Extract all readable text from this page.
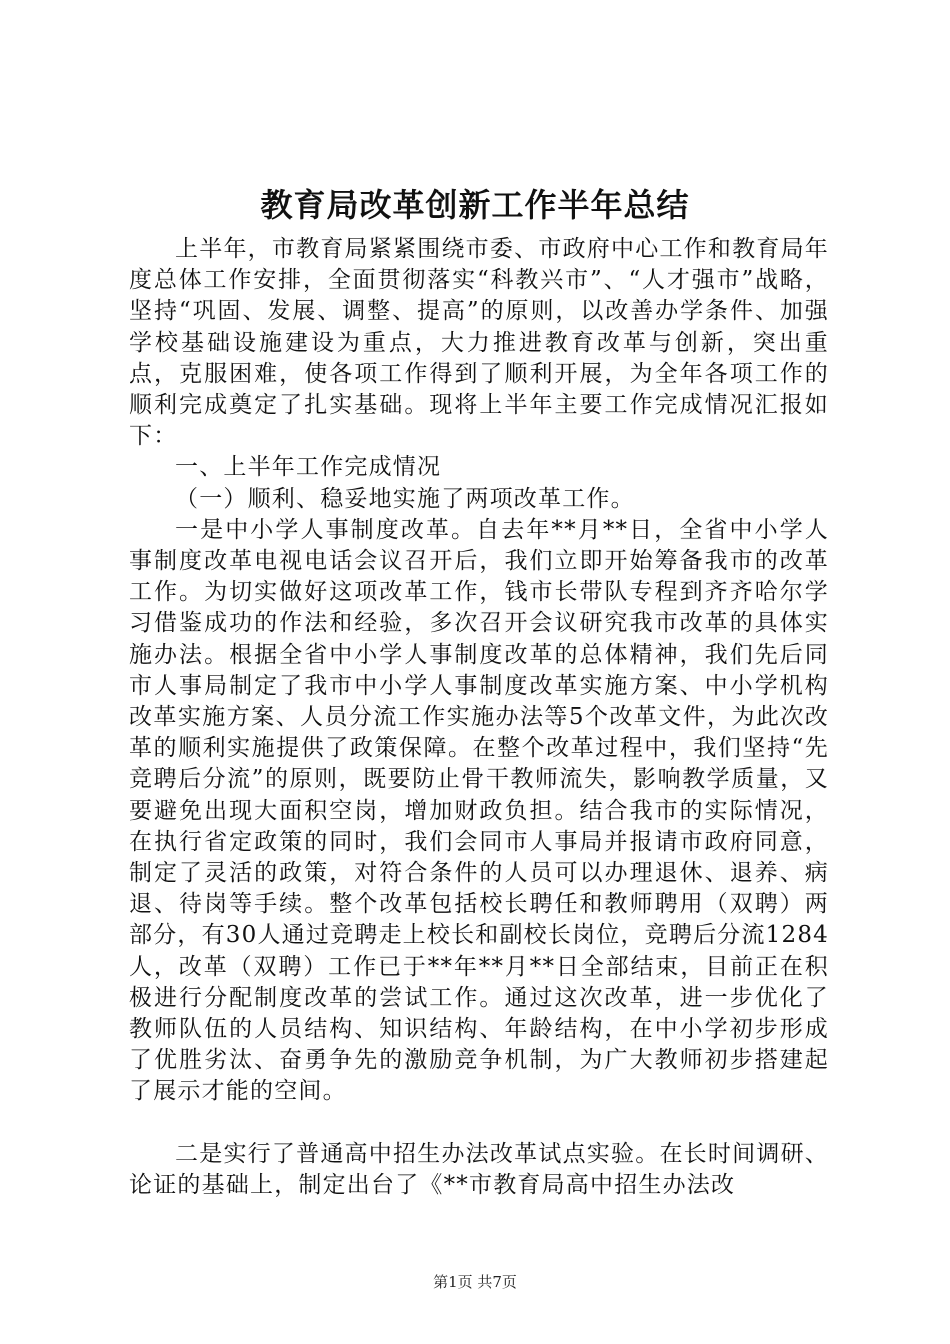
教育局改革创新工作半年总结

上半年，市教育局紧紧围绕市委、市政府中心工作和教育局年度总体工作安排，全面贯彻落实“科教兴市”、“人才强市”战略，坚持“巩固、发展、调整、提高”的原则，以改善办学条件、加强学校基础设施建设为重点，大力推进教育改革与创新，突出重点，克服困难，使各项工作得到了顺利开展，为全年各项工作的顺利完成奠定了扎实基础。现将上半年主要工作完成情况汇报如下：

一、上半年工作完成情况

（一）顺利、稳妥地实施了两项改革工作。

一是中小学人事制度改革。自去年**月**日，全省中小学人事制度改革电视电话会议召开后，我们立即开始筹备我市的改革工作。为切实做好这项改革工作，钱市长带队专程到齐齐哈尔学习借鉴成功的作法和经验，多次召开会议研究我市改革的具体实施办法。根据全省中小学人事制度改革的总体精神，我们先后同市人事局制定了我市中小学人事制度改革实施方案、中小学机构改革实施方案、人员分流工作实施办法等5个改革文件，为此次改革的顺利实施提供了政策保障。在整个改革过程中，我们坚持“先竞聘后分流”的原则，既要防止骨干教师流失，影响教学质量，又要避免出现大面积空岗，增加财政负担。结合我市的实际情况，在执行省定政策的同时，我们会同市人事局并报请市政府同意，制定了灵活的政策，对符合条件的人员可以办理退休、退养、病退、待岗等手续。整个改革包括校长聘任和教师聘用（双聘）两部分，有30人通过竞聘走上校长和副校长岗位，竞聘后分流1284人，改革（双聘）工作已于**年**月**日全部结束，目前正在积极进行分配制度改革的尝试工作。通过这次改革，进一步优化了教师队伍的人员结构、知识结构、年龄结构，在中小学初步形成了优胜劣汰、奋勇争先的激励竞争机制，为广大教师初步搭建起了展示才能的空间。

二是实行了普通高中招生办法改革试点实验。在长时间调研、论证的基础上，制定出台了《**市教育局高中招生办法改

第1页 共7页
